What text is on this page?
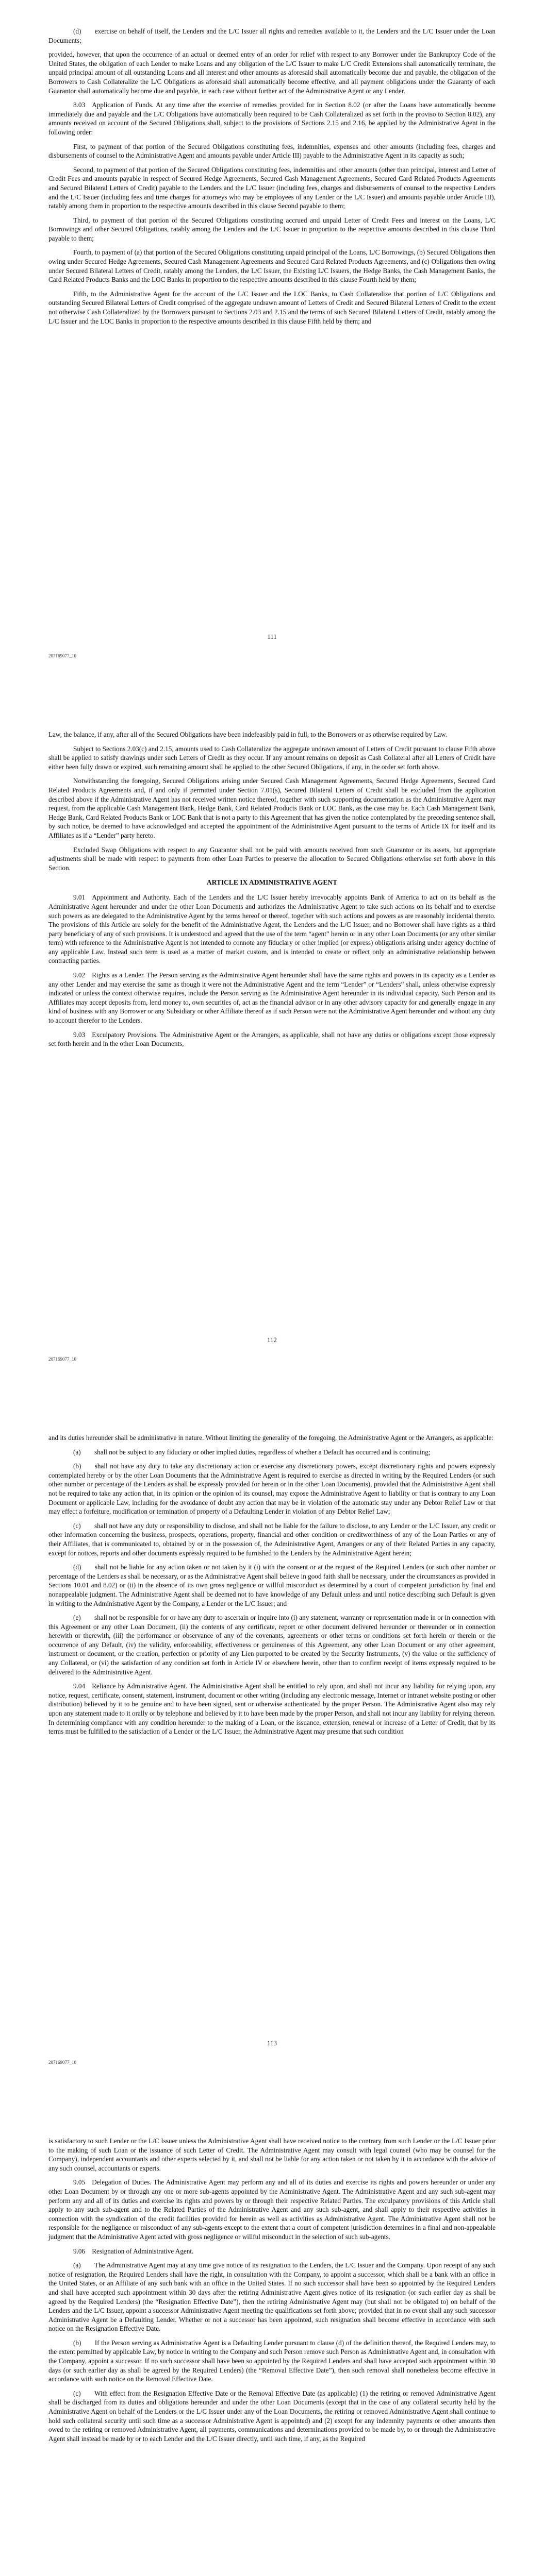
(d)  exercise on behalf of itself, the Lenders and the L/C Issuer all rights and remedies available to it, the Lenders and the L/C Issuer under the Loan Documents;

provided, however, that upon the occurrence of an actual or deemed entry of an order for relief with respect to any Borrower under the Bankruptcy Code of the United States, the obligation of each Lender to make Loans and any obligation of the L/C Issuer to make L/C Credit Extensions shall automatically terminate, the unpaid principal amount of all outstanding Loans and all interest and other amounts as aforesaid shall automatically become due and payable, the obligation of the Borrowers to Cash Collateralize the L/C Obligations as aforesaid shall automatically become effective, and all payment obligations under the Guaranty of each Guarantor shall automatically become due and payable, in each case without further act of the Administrative Agent or any Lender.

8.03 Application of Funds. At any time after the exercise of remedies provided for in Section 8.02 (or after the Loans have automatically become immediately due and payable and the L/C Obligations have automatically been required to be Cash Collateralized as set forth in the proviso to Section 8.02), any amounts received on account of the Secured Obligations shall, subject to the provisions of Sections 2.15 and 2.16, be applied by the Administrative Agent in the following order:

First, to payment of that portion of the Secured Obligations constituting fees, indemnities, expenses and other amounts (including fees, charges and disbursements of counsel to the Administrative Agent and amounts payable under Article III) payable to the Administrative Agent in its capacity as such;

Second, to payment of that portion of the Secured Obligations constituting fees, indemnities and other amounts (other than principal, interest and Letter of Credit Fees and amounts payable in respect of Secured Hedge Agreements, Secured Cash Management Agreements, Secured Card Related Products Agreements and Secured Bilateral Letters of Credit) payable to the Lenders and the L/C Issuer (including fees, charges and disbursements of counsel to the respective Lenders and the L/C Issuer (including fees and time charges for attorneys who may be employees of any Lender or the L/C Issuer) and amounts payable under Article III), ratably among them in proportion to the respective amounts described in this clause Second payable to them;

Third, to payment of that portion of the Secured Obligations constituting accrued and unpaid Letter of Credit Fees and interest on the Loans, L/C Borrowings and other Secured Obligations, ratably among the Lenders and the L/C Issuer in proportion to the respective amounts described in this clause Third payable to them;

Fourth, to payment of (a) that portion of the Secured Obligations constituting unpaid principal of the Loans, L/C Borrowings, (b) Secured Obligations then owing under Secured Hedge Agreements, Secured Cash Management Agreements and Secured Card Related Products Agreements, and (c) Obligations then owing under Secured Bilateral Letters of Credit, ratably among the Lenders, the L/C Issuer, the Existing L/C Issuers, the Hedge Banks, the Cash Management Banks, the Card Related Products Banks and the LOC Banks in proportion to the respective amounts described in this clause Fourth held by them;

Fifth, to the Administrative Agent for the account of the L/C Issuer and the LOC Banks, to Cash Collateralize that portion of L/C Obligations and outstanding Secured Bilateral Letters of Credit comprised of the aggregate undrawn amount of Letters of Credit and Secured Bilateral Letters of Credit to the extent not otherwise Cash Collateralized by the Borrowers pursuant to Sections 2.03 and 2.15 and the terms of such Secured Bilateral Letters of Credit, ratably among the L/C Issuer and the LOC Banks in proportion to the respective amounts described in this clause Fifth held by them; and

111
207169077_10

Law, the balance, if any, after all of the Secured Obligations have been indefeasibly paid in full, to the Borrowers or as otherwise required by Law.

Subject to Sections 2.03(c) and 2.15, amounts used to Cash Collateralize the aggregate undrawn amount of Letters of Credit pursuant to clause Fifth above shall be applied to satisfy drawings under such Letters of Credit as they occur. If any amount remains on deposit as Cash Collateral after all Letters of Credit have either been fully drawn or expired, such remaining amount shall be applied to the other Secured Obligations, if any, in the order set forth above.

Notwithstanding the foregoing, Secured Obligations arising under Secured Cash Management Agreements, Secured Hedge Agreements, Secured Card Related Products Agreements and, if and only if permitted under Section 7.01(s), Secured Bilateral Letters of Credit shall be excluded from the application described above if the Administrative Agent has not received written notice thereof, together with such supporting documentation as the Administrative Agent may request, from the applicable Cash Management Bank, Hedge Bank, Card Related Products Bank or LOC Bank, as the case may be. Each Cash Management Bank, Hedge Bank, Card Related Products Bank or LOC Bank that is not a party to this Agreement that has given the notice contemplated by the preceding sentence shall, by such notice, be deemed to have acknowledged and accepted the appointment of the Administrative Agent pursuant to the terms of Article IX for itself and its Affiliates as if a “Lender” party hereto.

Excluded Swap Obligations with respect to any Guarantor shall not be paid with amounts received from such Guarantor or its assets, but appropriate adjustments shall be made with respect to payments from other Loan Parties to preserve the allocation to Secured Obligations otherwise set forth above in this Section.

ARTICLE IX ADMINISTRATIVE AGENT

9.01 Appointment and Authority. Each of the Lenders and the L/C Issuer hereby irrevocably appoints Bank of America to act on its behalf as the Administrative Agent hereunder and under the other Loan Documents and authorizes the Administrative Agent to take such actions on its behalf and to exercise such powers as are delegated to the Administrative Agent by the terms hereof or thereof, together with such actions and powers as are reasonably incidental thereto. The provisions of this Article are solely for the benefit of the Administrative Agent, the Lenders and the L/C Issuer, and no Borrower shall have rights as a third party beneficiary of any of such provisions. It is understood and agreed that the use of the term “agent” herein or in any other Loan Documents (or any other similar term) with reference to the Administrative Agent is not intended to connote any fiduciary or other implied (or express) obligations arising under agency doctrine of any applicable Law. Instead such term is used as a matter of market custom, and is intended to create or reflect only an administrative relationship between contracting parties.

9.02 Rights as a Lender. The Person serving as the Administrative Agent hereunder shall have the same rights and powers in its capacity as a Lender as any other Lender and may exercise the same as though it were not the Administrative Agent and the term “Lender” or “Lenders” shall, unless otherwise expressly indicated or unless the context otherwise requires, include the Person serving as the Administrative Agent hereunder in its individual capacity. Such Person and its Affiliates may accept deposits from, lend money to, own securities of, act as the financial advisor or in any other advisory capacity for and generally engage in any kind of business with any Borrower or any Subsidiary or other Affiliate thereof as if such Person were not the Administrative Agent hereunder and without any duty to account therefor to the Lenders.

9.03 Exculpatory Provisions. The Administrative Agent or the Arrangers, as applicable, shall not have any duties or obligations except those expressly set forth herein and in the other Loan Documents,

112
207169077_10

and its duties hereunder shall be administrative in nature. Without limiting the generality of the foregoing, the Administrative Agent or the Arrangers, as applicable:

(a)  shall not be subject to any fiduciary or other implied duties, regardless of whether a Default has occurred and is continuing;

(b)  shall not have any duty to take any discretionary action or exercise any discretionary powers, except discretionary rights and powers expressly contemplated hereby or by the other Loan Documents that the Administrative Agent is required to exercise as directed in writing by the Required Lenders (or such other number or percentage of the Lenders as shall be expressly provided for herein or in the other Loan Documents), provided that the Administrative Agent shall not be required to take any action that, in its opinion or the opinion of its counsel, may expose the Administrative Agent to liability or that is contrary to any Loan Document or applicable Law, including for the avoidance of doubt any action that may be in violation of the automatic stay under any Debtor Relief Law or that may effect a forfeiture, modification or termination of property of a Defaulting Lender in violation of any Debtor Relief Law;

(c)  shall not have any duty or responsibility to disclose, and shall not be liable for the failure to disclose, to any Lender or the L/C Issuer, any credit or other information concerning the business, prospects, operations, property, financial and other condition or creditworthiness of any of the Loan Parties or any of their Affiliates, that is communicated to, obtained by or in the possession of, the Administrative Agent, Arrangers or any of their Related Parties in any capacity, except for notices, reports and other documents expressly required to be furnished to the Lenders by the Administrative Agent herein;

(d)  shall not be liable for any action taken or not taken by it (i) with the consent or at the request of the Required Lenders (or such other number or percentage of the Lenders as shall be necessary, or as the Administrative Agent shall believe in good faith shall be necessary, under the circumstances as provided in Sections 10.01 and 8.02) or (ii) in the absence of its own gross negligence or willful misconduct as determined by a court of competent jurisdiction by final and nonappealable judgment. The Administrative Agent shall be deemed not to have knowledge of any Default unless and until notice describing such Default is given in writing to the Administrative Agent by the Company, a Lender or the L/C Issuer; and

(e)  shall not be responsible for or have any duty to ascertain or inquire into (i) any statement, warranty or representation made in or in connection with this Agreement or any other Loan Document, (ii) the contents of any certificate, report or other document delivered hereunder or thereunder or in connection herewith or therewith, (iii) the performance or observance of any of the covenants, agreements or other terms or conditions set forth herein or therein or the occurrence of any Default, (iv) the validity, enforceability, effectiveness or genuineness of this Agreement, any other Loan Document or any other agreement, instrument or document, or the creation, perfection or priority of any Lien purported to be created by the Security Instruments, (v) the value or the sufficiency of any Collateral, or (vi) the satisfaction of any condition set forth in Article IV or elsewhere herein, other than to confirm receipt of items expressly required to be delivered to the Administrative Agent.

9.04 Reliance by Administrative Agent. The Administrative Agent shall be entitled to rely upon, and shall not incur any liability for relying upon, any notice, request, certificate, consent, statement, instrument, document or other writing (including any electronic message, Internet or intranet website posting or other distribution) believed by it to be genuine and to have been signed, sent or otherwise authenticated by the proper Person. The Administrative Agent also may rely upon any statement made to it orally or by telephone and believed by it to have been made by the proper Person, and shall not incur any liability for relying thereon. In determining compliance with any condition hereunder to the making of a Loan, or the issuance, extension, renewal or increase of a Letter of Credit, that by its terms must be fulfilled to the satisfaction of a Lender or the L/C Issuer, the Administrative Agent may presume that such condition

113
207169077_10

is satisfactory to such Lender or the L/C Issuer unless the Administrative Agent shall have received notice to the contrary from such Lender or the L/C Issuer prior to the making of such Loan or the issuance of such Letter of Credit. The Administrative Agent may consult with legal counsel (who may be counsel for the Company), independent accountants and other experts selected by it, and shall not be liable for any action taken or not taken by it in accordance with the advice of any such counsel, accountants or experts.

9.05 Delegation of Duties. The Administrative Agent may perform any and all of its duties and exercise its rights and powers hereunder or under any other Loan Document by or through any one or more sub-agents appointed by the Administrative Agent. The Administrative Agent and any such sub-agent may perform any and all of its duties and exercise its rights and powers by or through their respective Related Parties. The exculpatory provisions of this Article shall apply to any such sub-agent and to the Related Parties of the Administrative Agent and any such sub-agent, and shall apply to their respective activities in connection with the syndication of the credit facilities provided for herein as well as activities as Administrative Agent. The Administrative Agent shall not be responsible for the negligence or misconduct of any sub-agents except to the extent that a court of competent jurisdiction determines in a final and non-appealable judgment that the Administrative Agent acted with gross negligence or willful misconduct in the selection of such sub-agents.

9.06 Resignation of Administrative Agent.

(a)  The Administrative Agent may at any time give notice of its resignation to the Lenders, the L/C Issuer and the Company. Upon receipt of any such notice of resignation, the Required Lenders shall have the right, in consultation with the Company, to appoint a successor, which shall be a bank with an office in the United States, or an Affiliate of any such bank with an office in the United States. If no such successor shall have been so appointed by the Required Lenders and shall have accepted such appointment within 30 days after the retiring Administrative Agent gives notice of its resignation (or such earlier day as shall be agreed by the Required Lenders) (the “Resignation Effective Date”), then the retiring Administrative Agent may (but shall not be obligated to) on behalf of the Lenders and the L/C Issuer, appoint a successor Administrative Agent meeting the qualifications set forth above; provided that in no event shall any such successor Administrative Agent be a Defaulting Lender. Whether or not a successor has been appointed, such resignation shall become effective in accordance with such notice on the Resignation Effective Date.

(b)  If the Person serving as Administrative Agent is a Defaulting Lender pursuant to clause (d) of the definition thereof, the Required Lenders may, to the extent permitted by applicable Law, by notice in writing to the Company and such Person remove such Person as Administrative Agent and, in consultation with the Company, appoint a successor. If no such successor shall have been so appointed by the Required Lenders and shall have accepted such appointment within 30 days (or such earlier day as shall be agreed by the Required Lenders) (the “Removal Effective Date”), then such removal shall nonetheless become effective in accordance with such notice on the Removal Effective Date.

(c)  With effect from the Resignation Effective Date or the Removal Effective Date (as applicable) (1) the retiring or removed Administrative Agent shall be discharged from its duties and obligations hereunder and under the other Loan Documents (except that in the case of any collateral security held by the Administrative Agent on behalf of the Lenders or the L/C Issuer under any of the Loan Documents, the retiring or removed Administrative Agent shall continue to hold such collateral security until such time as a successor Administrative Agent is appointed) and (2) except for any indemnity payments or other amounts then owed to the retiring or removed Administrative Agent, all payments, communications and determinations provided to be made by, to or through the Administrative Agent shall instead be made by or to each Lender and the L/C Issuer directly, until such time, if any, as the Required
